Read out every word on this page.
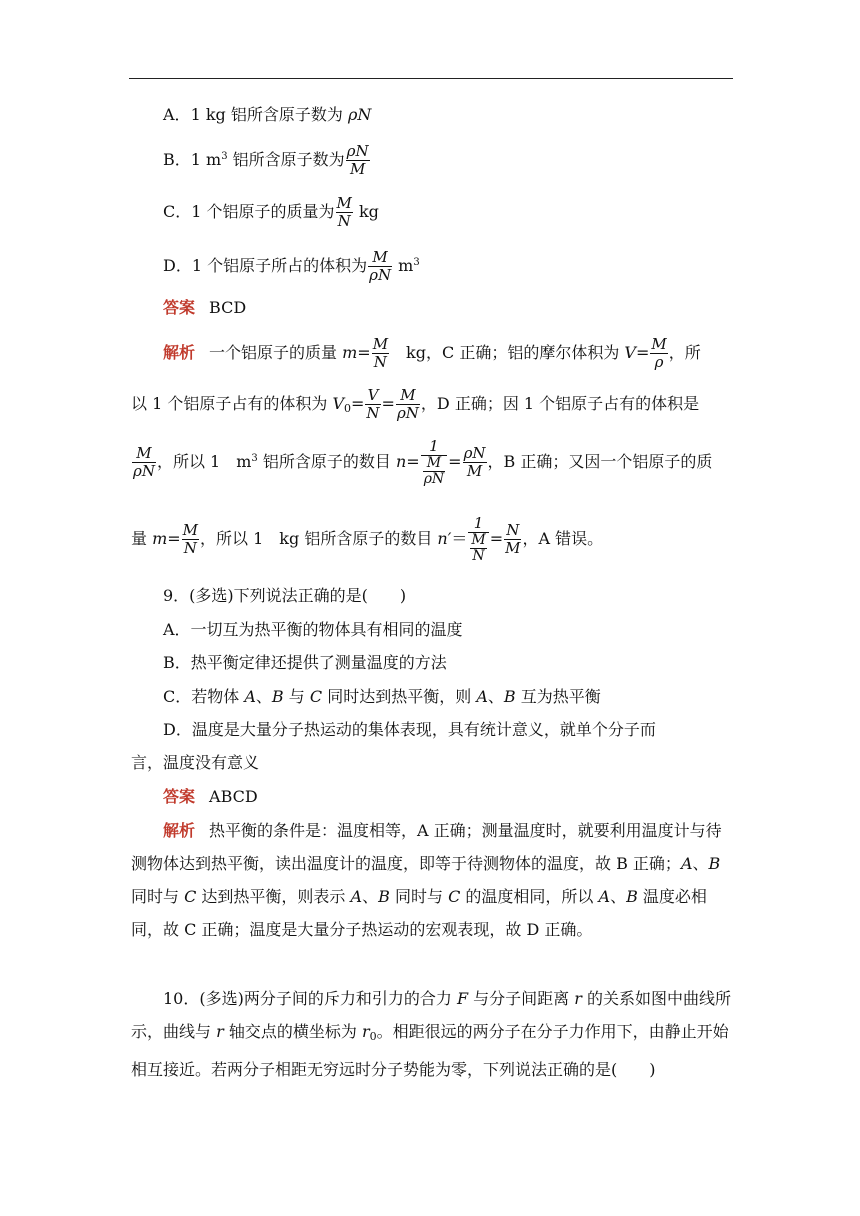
A．1 kg 铝所含原子数为 ρN
B．1 $m^3$ 铝所含原子数为 $\frac{\rho N}{M}$
C．1 个铝原子的质量为 $\frac{M}{N}$ kg
D．1 个铝原子所占的体积为 $\frac{M}{\rho N} m^3$
答案 BCD
解析 一个铝原子的质量 $m= \frac{M}{N}$ 　kg，C 正确；铝的摩尔体积为 $V= \frac{M}{\rho}$ ，所
以 1 个铝原子占有的体积为 $V_0= \frac{V}{N} = \frac{M}{\rho N}$ ，D 正确；因 1 个铝原子占有的体积是
$\frac{M}{\rho N}$ ，所以 1　$m^3$ 铝所含原子的数目 $n= \frac{1}{\frac{M}{\rho N}} = \frac{\rho N}{M}$ ，B 正确；又因一个铝原子的质
量 $m= \frac{M}{N}$ ，所以 1　kg 铝所含原子的数目 $n'= \frac{1}{\frac{M}{N}} = \frac{N}{M}$ ，A 错误。
9．(多选)下列说法正确的是(　　)
A．一切互为热平衡的物体具有相同的温度
B．热平衡定律还提供了测量温度的方法
C．若物体 A、B 与 C 同时达到热平衡，则 A、B 互为热平衡
D．温度是大量分子热运动的集体表现，具有统计意义，就单个分子而
言，温度没有意义
答案 ABCD
解析 热平衡的条件是：温度相等，A 正确；测量温度时，就要利用温度计与待测物体达到热平衡，读出温度计的温度，即等于待测物体的温度，故 B 正确；A、B 同时与 C 达到热平衡，则表示 A、B 同时与 C 的温度相同，所以 A、B 温度必相同，故 C 正确；温度是大量分子热运动的宏观表现，故 D 正确。
10．(多选)两分子间的斥力和引力的合力 F 与分子间距离 r 的关系如图中曲线所示，曲线与 r 轴交点的横坐标为 $r_0$。相距很远的两分子在分子力作用下，由静止开始相互接近。若两分子相距无穷远时分子势能为零，下列说法正确的是(　　)
